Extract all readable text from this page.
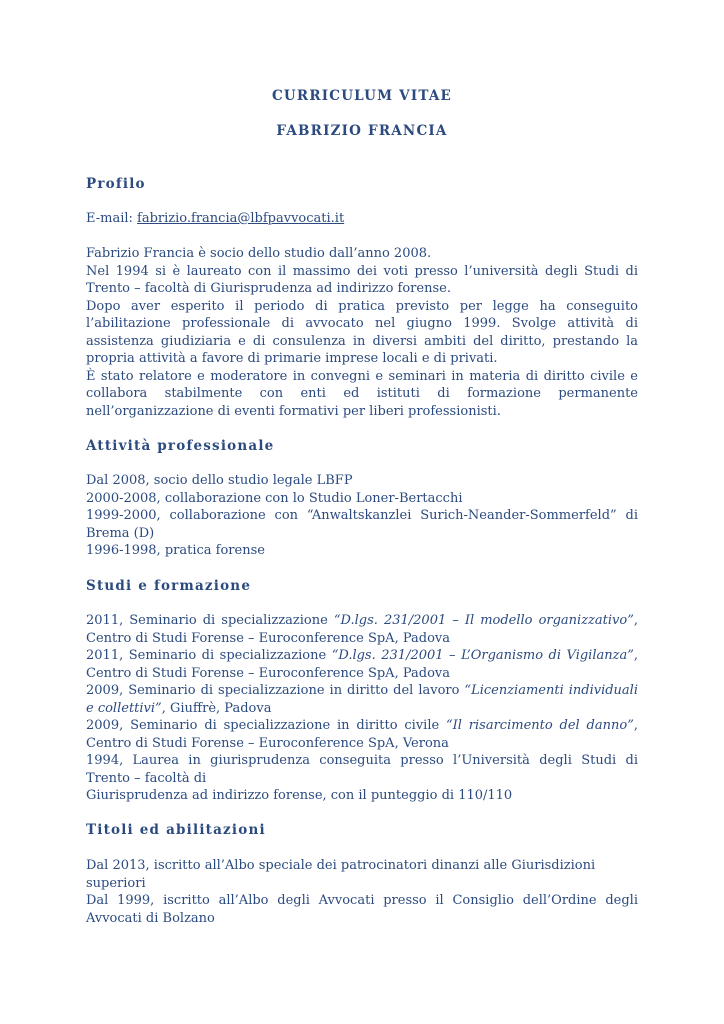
CURRICULUM VITAE
FABRIZIO FRANCIA
Profilo
E-mail: fabrizio.francia@lbfpavvocati.it

Fabrizio Francia è socio dello studio dall’anno 2008.

Nel 1994 si è laureato con il massimo dei voti presso l’università degli Studi di Trento – facoltà di Giurisprudenza ad indirizzo forense.

Dopo aver esperito il periodo di pratica previsto per legge ha conseguito l’abilitazione professionale di avvocato nel giugno 1999. Svolge attività di assistenza giudiziaria e di consulenza in diversi ambiti del diritto, prestando la propria attività a favore di primarie imprese locali e di privati.

È stato relatore e moderatore in convegni e seminari in materia di diritto civile e collabora stabilmente con enti ed istituti di formazione permanente nell’organizzazione di eventi formativi per liberi professionisti.

Attività professionale

Dal 2008, socio dello studio legale LBFP

2000-2008, collaborazione con lo Studio Loner-Bertacchi

1999-2000, collaborazione con “Anwaltskanzlei Surich-Neander-Sommerfeld” di Brema (D)

1996-1998, pratica forense

Studi e formazione

2011, Seminario di specializzazione “D.lgs. 231/2001 – Il modello organizzativo”, Centro di Studi Forense – Euroconference SpA, Padova

2011, Seminario di specializzazione “D.lgs. 231/2001 – L’Organismo di Vigilanza”, Centro di Studi Forense – Euroconference SpA, Padova

2009, Seminario di specializzazione in diritto del lavoro “Licenziamenti individuali e collettivi”, Giuffrè, Padova

2009, Seminario di specializzazione in diritto civile “Il risarcimento del danno”, Centro di Studi Forense – Euroconference SpA, Verona

1994, Laurea in giurisprudenza conseguita presso l’Università degli Studi di Trento – facoltà di

Giurisprudenza ad indirizzo forense, con il punteggio di 110/110

Titoli ed abilitazioni

Dal 2013, iscritto all’Albo speciale dei patrocinatori dinanzi alle Giurisdizioni superiori

Dal 1999, iscritto all’Albo degli Avvocati presso il Consiglio dell’Ordine degli Avvocati di Bolzano
